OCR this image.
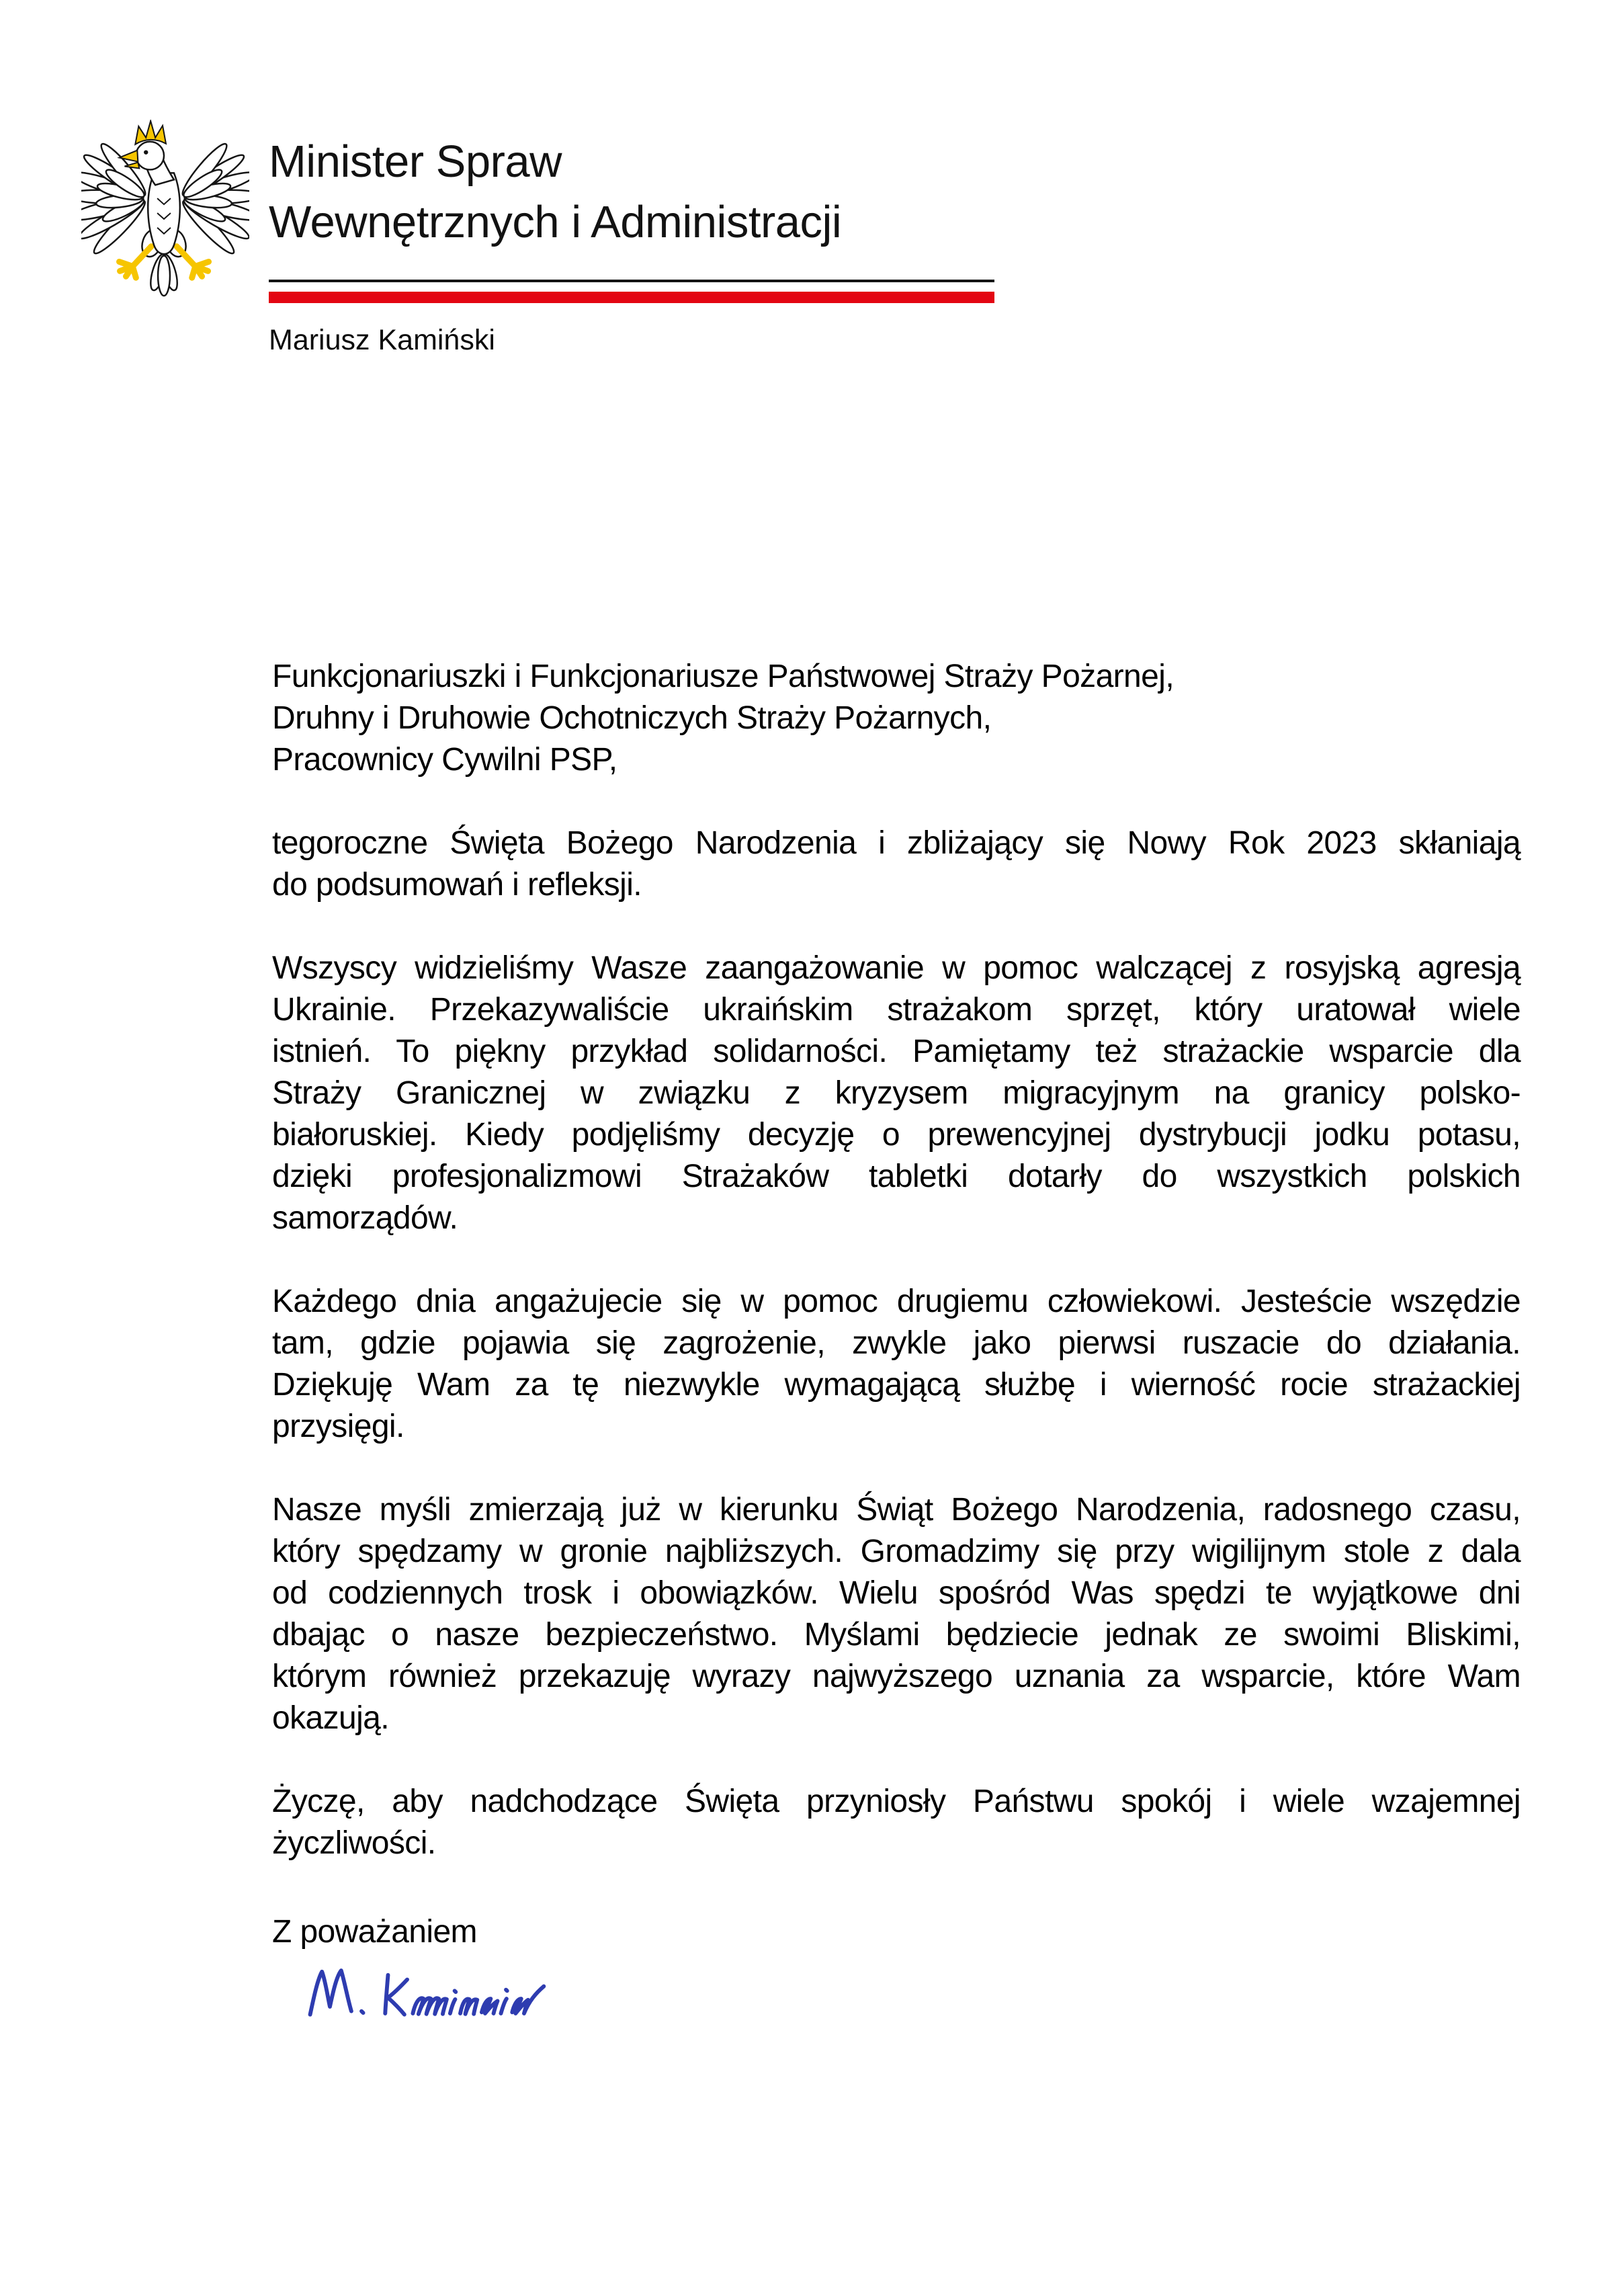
Minister Spraw
Wewnętrznych i Administracji
Mariusz Kamiński
Funkcjonariuszki i Funkcjonariusze Państwowej Straży Pożarnej,
Druhny i Druhowie Ochotniczych Straży Pożarnych,
Pracownicy Cywilni PSP,
tegoroczne Święta Bożego Narodzenia i zbliżający się Nowy Rok 2023 skłaniają
do podsumowań i refleksji.
Wszyscy widzieliśmy Wasze zaangażowanie w pomoc walczącej z rosyjską agresją
Ukrainie. Przekazywaliście ukraińskim strażakom sprzęt, który uratował wiele
istnień. To piękny przykład solidarności. Pamiętamy też strażackie wsparcie dla
Straży Granicznej w związku z kryzysem migracyjnym na granicy polsko-
białoruskiej. Kiedy podjęliśmy decyzję o prewencyjnej dystrybucji jodku potasu,
dzięki profesjonalizmowi Strażaków tabletki dotarły do wszystkich polskich
samorządów.
Każdego dnia angażujecie się w pomoc drugiemu człowiekowi. Jesteście wszędzie
tam, gdzie pojawia się zagrożenie, zwykle jako pierwsi ruszacie do działania.
Dziękuję Wam za tę niezwykle wymagającą służbę i wierność rocie strażackiej
przysięgi.
Nasze myśli zmierzają już w kierunku Świąt Bożego Narodzenia, radosnego czasu,
który spędzamy w gronie najbliższych. Gromadzimy się przy wigilijnym stole z dala
od codziennych trosk i obowiązków. Wielu spośród Was spędzi te wyjątkowe dni
dbając o nasze bezpieczeństwo. Myślami będziecie jednak ze swoimi Bliskimi,
którym również przekazuję wyrazy najwyższego uznania za wsparcie, które Wam
okazują.
Życzę, aby nadchodzące Święta przyniosły Państwu spokój i wiele wzajemnej
życzliwości.
Z poważaniem
